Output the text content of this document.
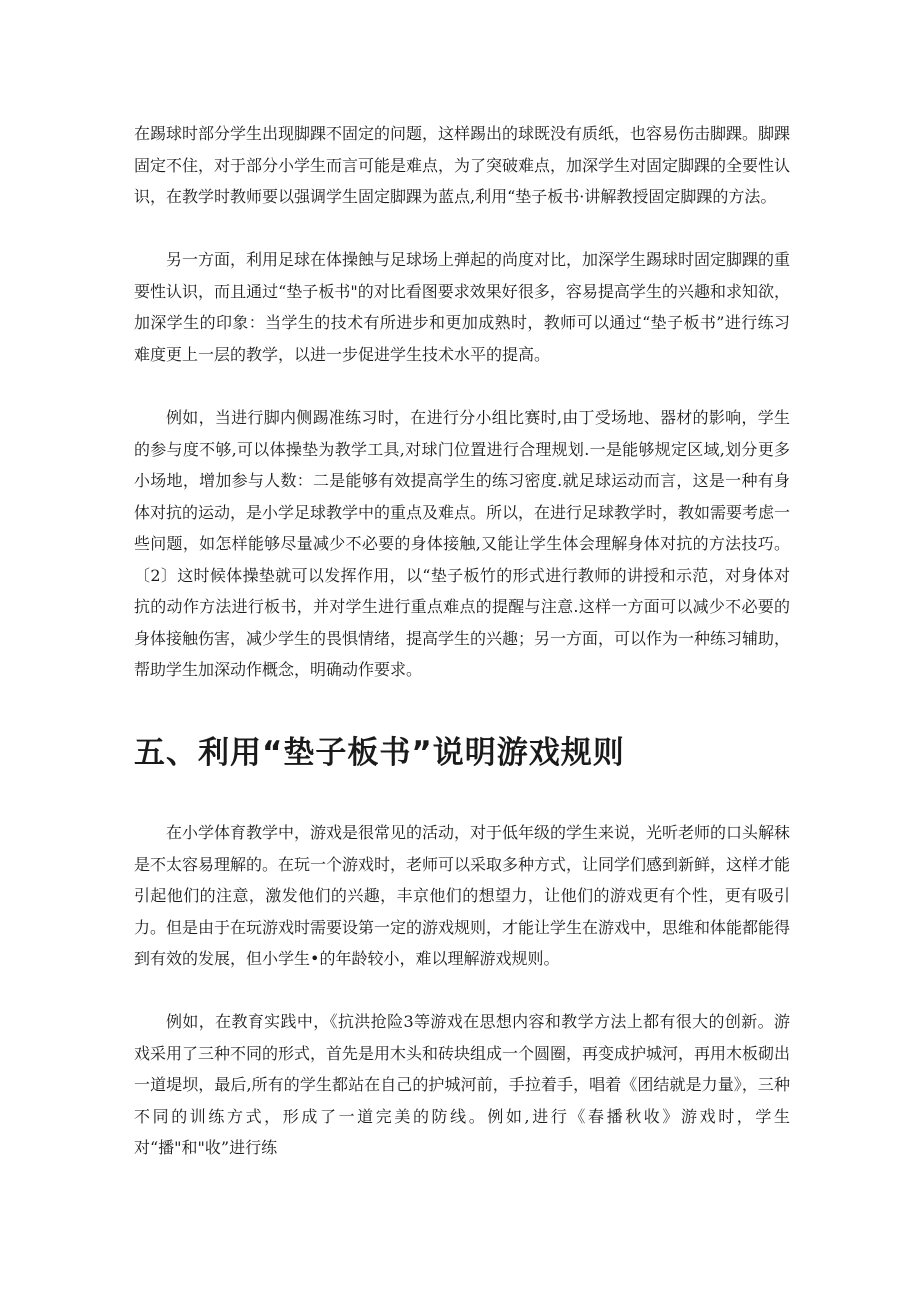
在踢球时部分学生出现脚踝不固定的问题，这样踢出的球既没有质纸，也容易伤击脚踝。脚踝固定不住，对于部分小学生而言可能是难点，为了突破难点，加深学生对固定脚踝的全要性认识，在教学时教师要以强调学生固定脚踝为蓝点,利用“垫子板书·讲解教授固定脚踝的方法。

另一方面，利用足球在体操蝕与足球场上弹起的尚度对比，加深学生踢球时固定脚踝的重要性认识，而且通过“垫子板书"的对比看图要求效果好很多，容易提高学生的兴趣和求知欲，加深学生的印象：当学生的技术有所进步和更加成熟时，教师可以通过“垫子板书”进行练习难度更上一层的教学，以进一步促进学生技术水平的提高。

例如，当进行脚内侧踢准练习时，在进行分小组比赛时,由丁受场地、器材的影响，学生的参与度不够,可以体操垫为教学工具,对球门位置进行合理规划.一是能够规定区域,划分更多小场地，增加参与人数：二是能够有效提高学生的练习密度.就足球运动而言，这是一种有身体对抗的运动，是小学足球教学中的重点及难点。所以，在进行足球教学时，教如需要考虑一些问题，如怎样能够尽量减少不必要的身体接触,又能让学生体会理解身体对抗的方法技巧。〔2〕这时候体操垫就可以发挥作用，以“垫子板竹的形式进行教师的讲授和示范，对身体对抗的动作方法进行板书，并对学生进行重点难点的提醒与注意.这样一方面可以减少不必要的身体接触伤害，减少学生的畏惧情绪，提高学生的兴趣；另一方面，可以作为一种练习辅助，帮助学生加深动作概念，明确动作要求。

五、利用“垫子板书”说明游戏规则

在小学体育教学中，游戏是很常见的活动，对于低年级的学生来说，光听老师的口头解秣是不太容易理解的。在玩一个游戏时，老师可以采取多种方式，让同学们感到新鲜，这样才能引起他们的注意，激发他们的兴趣，丰京他们的想望力，让他们的游戏更有个性，更有吸引力。但是由于在玩游戏时需要设第一定的游戏规则，才能让学生在游戏中，思维和体能都能得到有效的发展，但小学生•的年龄较小，难以理解游戏规则。

例如，在教育实践中，《抗洪抢险3等游戏在思想内容和教学方法上都有很大的创新。游戏采用了三种不同的形式，首先是用木头和砖块组成一个圆圈，再变成护城河，再用木板砌出一道堤坝，最后,所有的学生都站在自己的护城河前，手拉着手，唱着《团结就是力量》，三种不同的训练方式，形成了一道完美的防线。例如,进行《春播秋收》游戏时，学生对“播"和"收”进行练
